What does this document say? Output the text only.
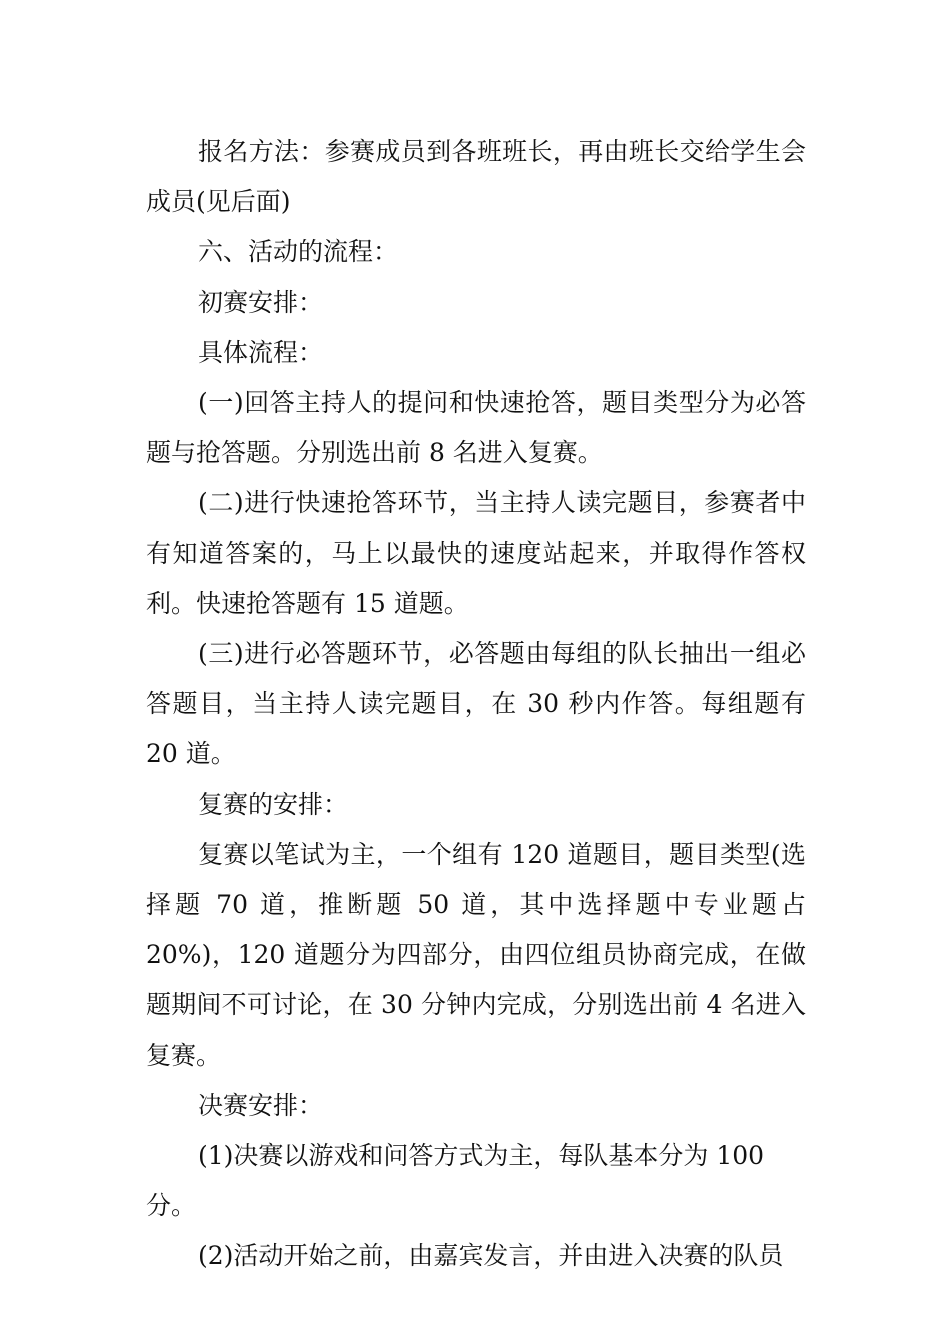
报名方法：参赛成员到各班班长，再由班长交给学生会成员(见后面)

六、活动的流程：

初赛安排：

具体流程：

(一)回答主持人的提问和快速抢答，题目类型分为必答题与抢答题。分别选出前 8 名进入复赛。

(二)进行快速抢答环节，当主持人读完题目，参赛者中有知道答案的，马上以最快的速度站起来，并取得作答权利。快速抢答题有 15 道题。

(三)进行必答题环节，必答题由每组的队长抽出一组必答题目，当主持人读完题目，在 30 秒内作答。每组题有 20 道。

复赛的安排：

复赛以笔试为主，一个组有 120 道题目，题目类型(选择题 70 道，推断题 50 道，其中选择题中专业题占 20%)，120 道题分为四部分，由四位组员协商完成，在做题期间不可讨论，在 30 分钟内完成，分别选出前 4 名进入复赛。

决赛安排：

(1)决赛以游戏和问答方式为主，每队基本分为 100 分。

(2)活动开始之前，由嘉宾发言，并由进入决赛的队员
